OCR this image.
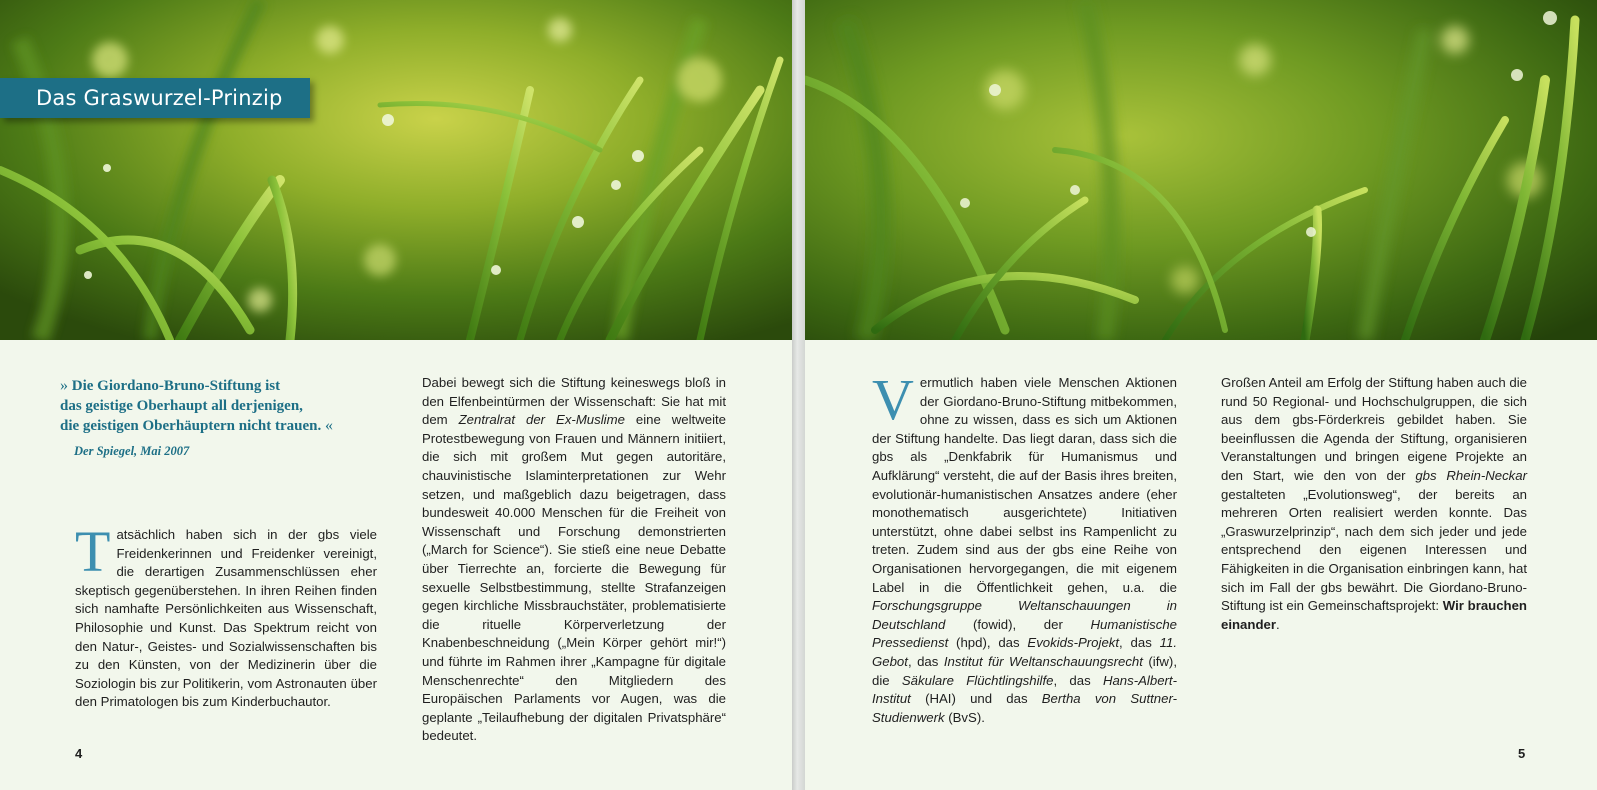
Das Graswurzel-Prinzip
» Die Giordano-Bruno-Stiftung ist
das geistige Oberhaupt all derjenigen,
die geistigen Oberhäuptern nicht trauen. «
Der Spiegel, Mai 2007

Tatsächlich haben sich in der gbs viele Freidenkerinnen und Freidenker vereinigt, die derartigen Zusammenschlüssen eher skeptisch gegenüberstehen. In ihren Reihen finden sich namhafte Persönlichkeiten aus Wissenschaft, Philosophie und Kunst. Das Spektrum reicht von den Natur-, Geistes- und Sozialwissenschaften bis zu den Künsten, von der Medizinerin über die Soziologin bis zur Politikerin, vom Astronauten über den Primatologen bis zum Kinderbuchautor.

Dabei bewegt sich die Stiftung keineswegs bloß in den Elfenbeintürmen der Wissenschaft: Sie hat mit dem Zentralrat der Ex-Muslime eine weltweite Protestbewegung von Frauen und Männern initiiert, die sich mit großem Mut gegen autoritäre, chauvinistische Islaminterpretationen zur Wehr setzen, und maßgeblich dazu beigetragen, dass bundesweit 40.000 Menschen für die Freiheit von Wissenschaft und Forschung demonstrierten („March for Science“). Sie stieß eine neue Debatte über Tierrechte an, forcierte die Bewegung für sexuelle Selbstbestimmung, stellte Strafanzeigen gegen kirchliche Missbrauchstäter, problematisierte die rituelle Körperverletzung der Knabenbeschneidung („Mein Körper gehört mir!“) und führte im Rahmen ihrer „Kampagne für digitale Menschenrechte“ den Mitgliedern des Europäischen Parlaments vor Augen, was die geplante „Teilaufhebung der digitalen Privatsphäre“ bedeutet.

4

Vermutlich haben viele Menschen Aktionen der Giordano-Bruno-Stiftung mitbekommen, ohne zu wissen, dass es sich um Aktionen der Stiftung handelte. Das liegt daran, dass sich die gbs als „Denkfabrik für Humanismus und Aufklärung“ versteht, die auf der Basis ihres breiten, evolutionär-humanistischen Ansatzes andere (eher monothematisch ausgerichtete) Initiativen unterstützt, ohne dabei selbst ins Rampenlicht zu treten. Zudem sind aus der gbs eine Reihe von Organisationen hervorgegangen, die mit eigenem Label in die Öffentlichkeit gehen, u.a. die Forschungsgruppe Weltanschauungen in Deutschland (fowid), der Humanistische Pressedienst (hpd), das Evokids-Projekt, das 11. Gebot, das Institut für Weltanschauungsrecht (ifw), die Säkulare Flüchtlingshilfe, das Hans-Albert-Institut (HAI) und das Bertha von Suttner-Studienwerk (BvS).

Großen Anteil am Erfolg der Stiftung haben auch die rund 50 Regional- und Hochschulgruppen, die sich aus dem gbs-Förderkreis gebildet haben. Sie beeinflussen die Agenda der Stiftung, organisieren Veranstaltungen und bringen eigene Projekte an den Start, wie den von der gbs Rhein-Neckar gestalteten „Evolutionsweg“, der bereits an mehreren Orten realisiert werden konnte. Das „Graswurzelprinzip“, nach dem sich jeder und jede entsprechend den eigenen Interessen und Fähigkeiten in die Organisation einbringen kann, hat sich im Fall der gbs bewährt. Die Giordano-Bruno-Stiftung ist ein Gemeinschaftsprojekt: Wir brauchen einander.

5
